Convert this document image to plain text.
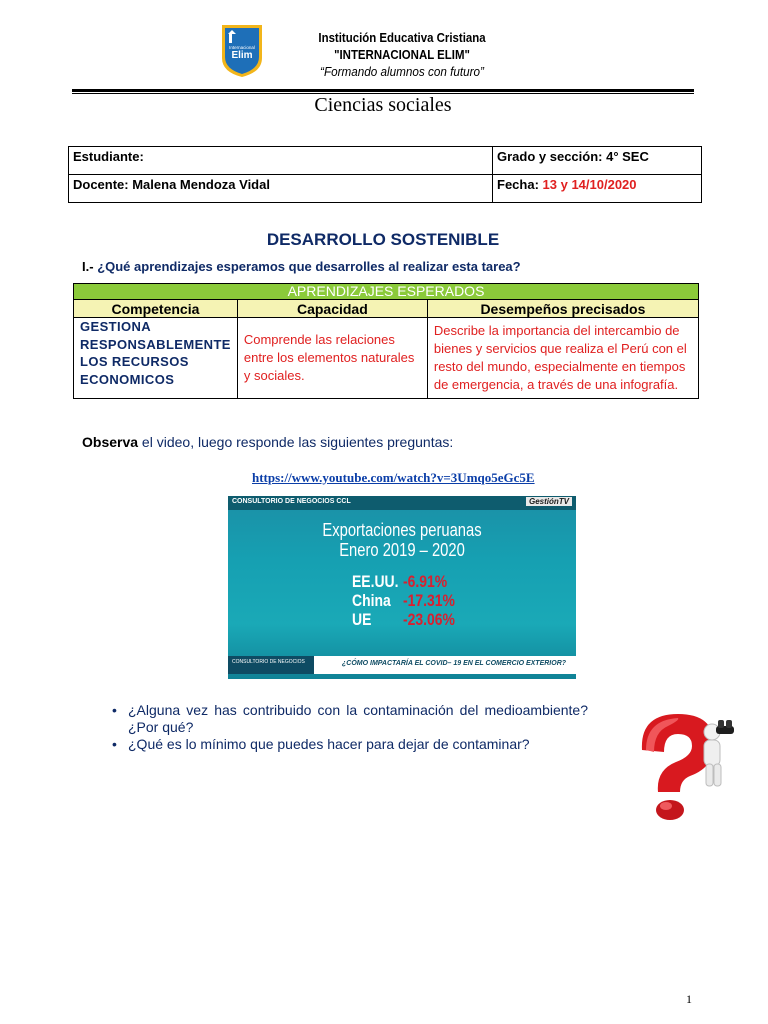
Elim
Internacional
Institución Educativa Cristiana
"INTERNACIONAL ELIM"
“Formando alumnos con futuro”
Ciencias sociales
Estudiante:	Grado y sección: 4° SEC
Docente: Malena Mendoza Vidal	Fecha: 13 y 14/10/2020
DESARROLLO SOSTENIBLE
I.- ¿Qué aprendizajes esperamos que desarrolles al realizar esta tarea?
APRENDIZAJES ESPERADOS		
Competencia	Capacidad	Desempeños precisados
GESTIONA RESPONSABLEMENTE LOS RECURSOS ECONOMICOS	Comprende las relaciones entre los elementos naturales y sociales.	Describe la importancia del intercambio de bienes y servicios que realiza el Perú con el resto del mundo, especialmente en tiempos de emergencia, a través de una infografía.
Observa el video, luego responde las siguientes preguntas:
https://www.youtube.com/watch?v=3Umqo5eGc5E
CONSULTORIO DE NEGOCIOS CCL	GestiónTV
Exportaciones peruanas
Enero 2019 – 2020
EE.UU. -6.91%
China -17.31%
UE -23.06%
CONSULTORIO DE NEGOCIOS	¿CÓMO IMPACTARÍA EL COVID– 19 EN EL COMERCIO EXTERIOR?
• ¿Alguna vez has contribuido con la contaminación del medioambiente? ¿Por qué?
• ¿Qué es lo mínimo que puedes hacer para dejar de contaminar?
1
